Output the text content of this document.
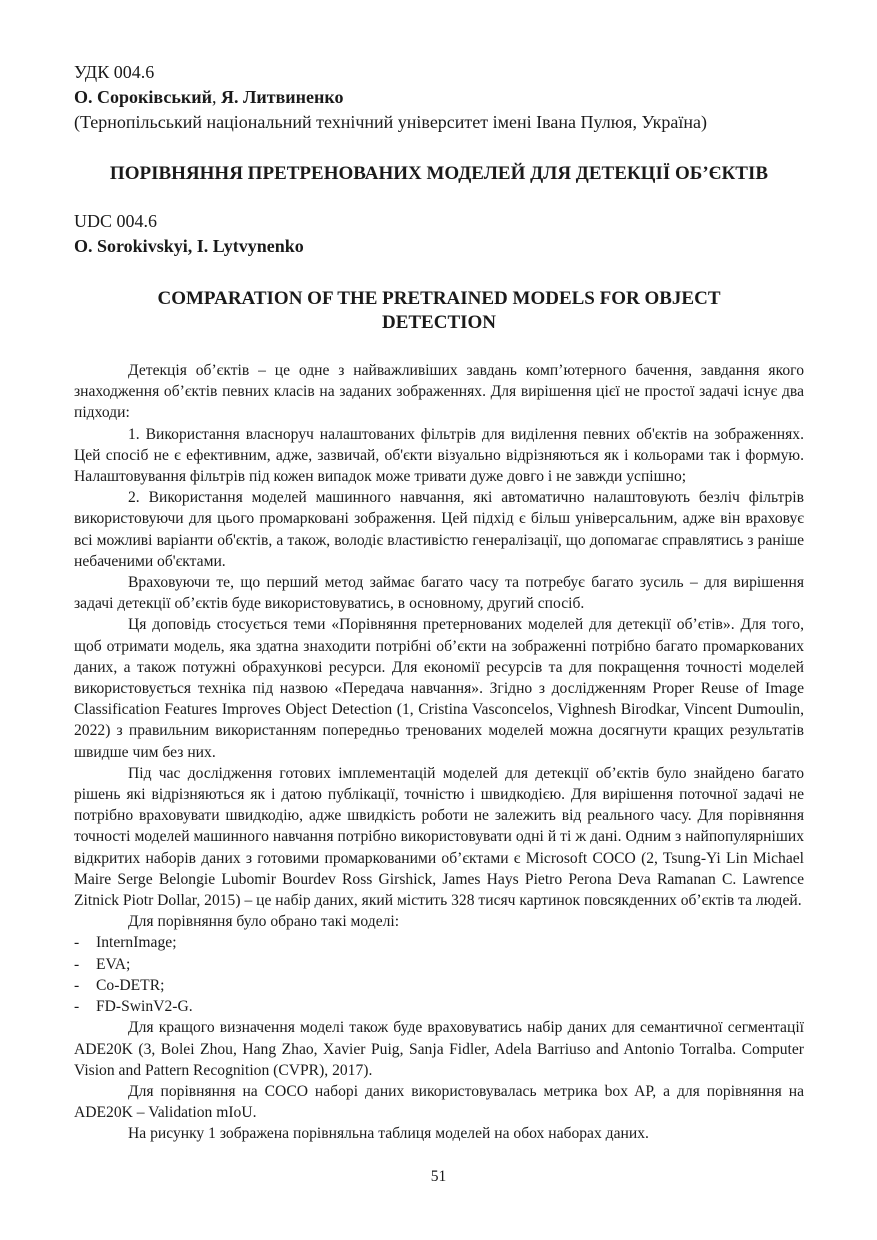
УДК 004.6

О. Сороківський, Я. Литвиненко

(Тернопільський національний технічний університет імені Івана Пулюя, Україна)

ПОРІВНЯННЯ ПРЕТРЕНОВАНИХ МОДЕЛЕЙ ДЛЯ ДЕТЕКЦІЇ ОБ’ЄКТІВ

UDC 004.6

O. Sorokivskyi, I. Lytvynenko

COMPARATION OF THE PRETRAINED MODELS FOR OBJECT DETECTION

Детекція об’єктів – це одне з найважливіших завдань комп’ютерного бачення, завдання якого знаходження об’єктів певних класів на заданих зображеннях. Для вирішення цієї не простої задачі існує два підходи:

1. Використання власноруч налаштованих фільтрів для виділення певних об'єктів на зображеннях. Цей спосіб не є ефективним, адже, зазвичай, об'єкти візуально відрізняються як і кольорами так і формую. Налаштовування фільтрів під кожен випадок може тривати дуже довго і не завжди успішно;

2. Використання моделей машинного навчання, які автоматично налаштовують безліч фільтрів використовуючи для цього промарковані зображення. Цей підхід є більш універсальним, адже він враховує всі можливі варіанти об'єктів, а також, володіє властивістю генералізації, що допомагає справлятись з раніше небаченими об'єктами.

Враховуючи те, що перший метод займає багато часу та потребує багато зусиль – для вирішення задачі детекції об’єктів буде використовуватись, в основному, другий спосіб.

Ця доповідь стосується теми «Порівняння претернованих моделей для детекції об’єтів». Для того, щоб отримати модель, яка здатна знаходити потрібні об’єкти на зображенні потрібно багато промаркованих даних, а також потужні обрахункові ресурси. Для економії ресурсів та для покращення точності моделей використовується техніка під назвою «Передача навчання». Згідно з дослідженням Proper Reuse of Image Classification Features Improves Object Detection (1, Cristina Vasconcelos, Vighnesh Birodkar, Vincent Dumoulin, 2022) з правильним використанням попередньо тренованих моделей можна досягнути кращих результатів швидше чим без них.

Під час дослідження готових імплементацій моделей для детекції об’єктів було знайдено багато рішень які відрізняються як і датою публікації, точністю і швидкодією. Для вирішення поточної задачі не потрібно враховувати швидкодію, адже швидкість роботи не залежить від реального часу. Для порівняння точності моделей машинного навчання потрібно використовувати одні й ті ж дані. Одним з найпопулярніших відкритих наборів даних з готовими промаркованими об’єктами є Microsoft COCO (2, Tsung-Yi Lin Michael Maire Serge Belongie Lubomir Bourdev Ross Girshick, James Hays Pietro Perona Deva Ramanan C. Lawrence Zitnick Piotr Dollar, 2015) – це набір даних, який містить 328 тисяч картинок повсякденних об’єктів та людей.

Для порівняння було обрано такі моделі:

- InternImage;
- EVA;
- Co-DETR;
- FD-SwinV2-G.

Для кращого визначення моделі також буде враховуватись набір даних для семантичної сегментації ADE20K (3, Bolei Zhou, Hang Zhao, Xavier Puig, Sanja Fidler, Adela Barriuso and Antonio Torralba. Computer Vision and Pattern Recognition (CVPR), 2017).

Для порівняння на COCO наборі даних використовувалась метрика box AP, а для порівняння на ADE20K – Validation mIoU.

На рисунку 1 зображена порівняльна таблиця моделей на обох наборах даних.

51
